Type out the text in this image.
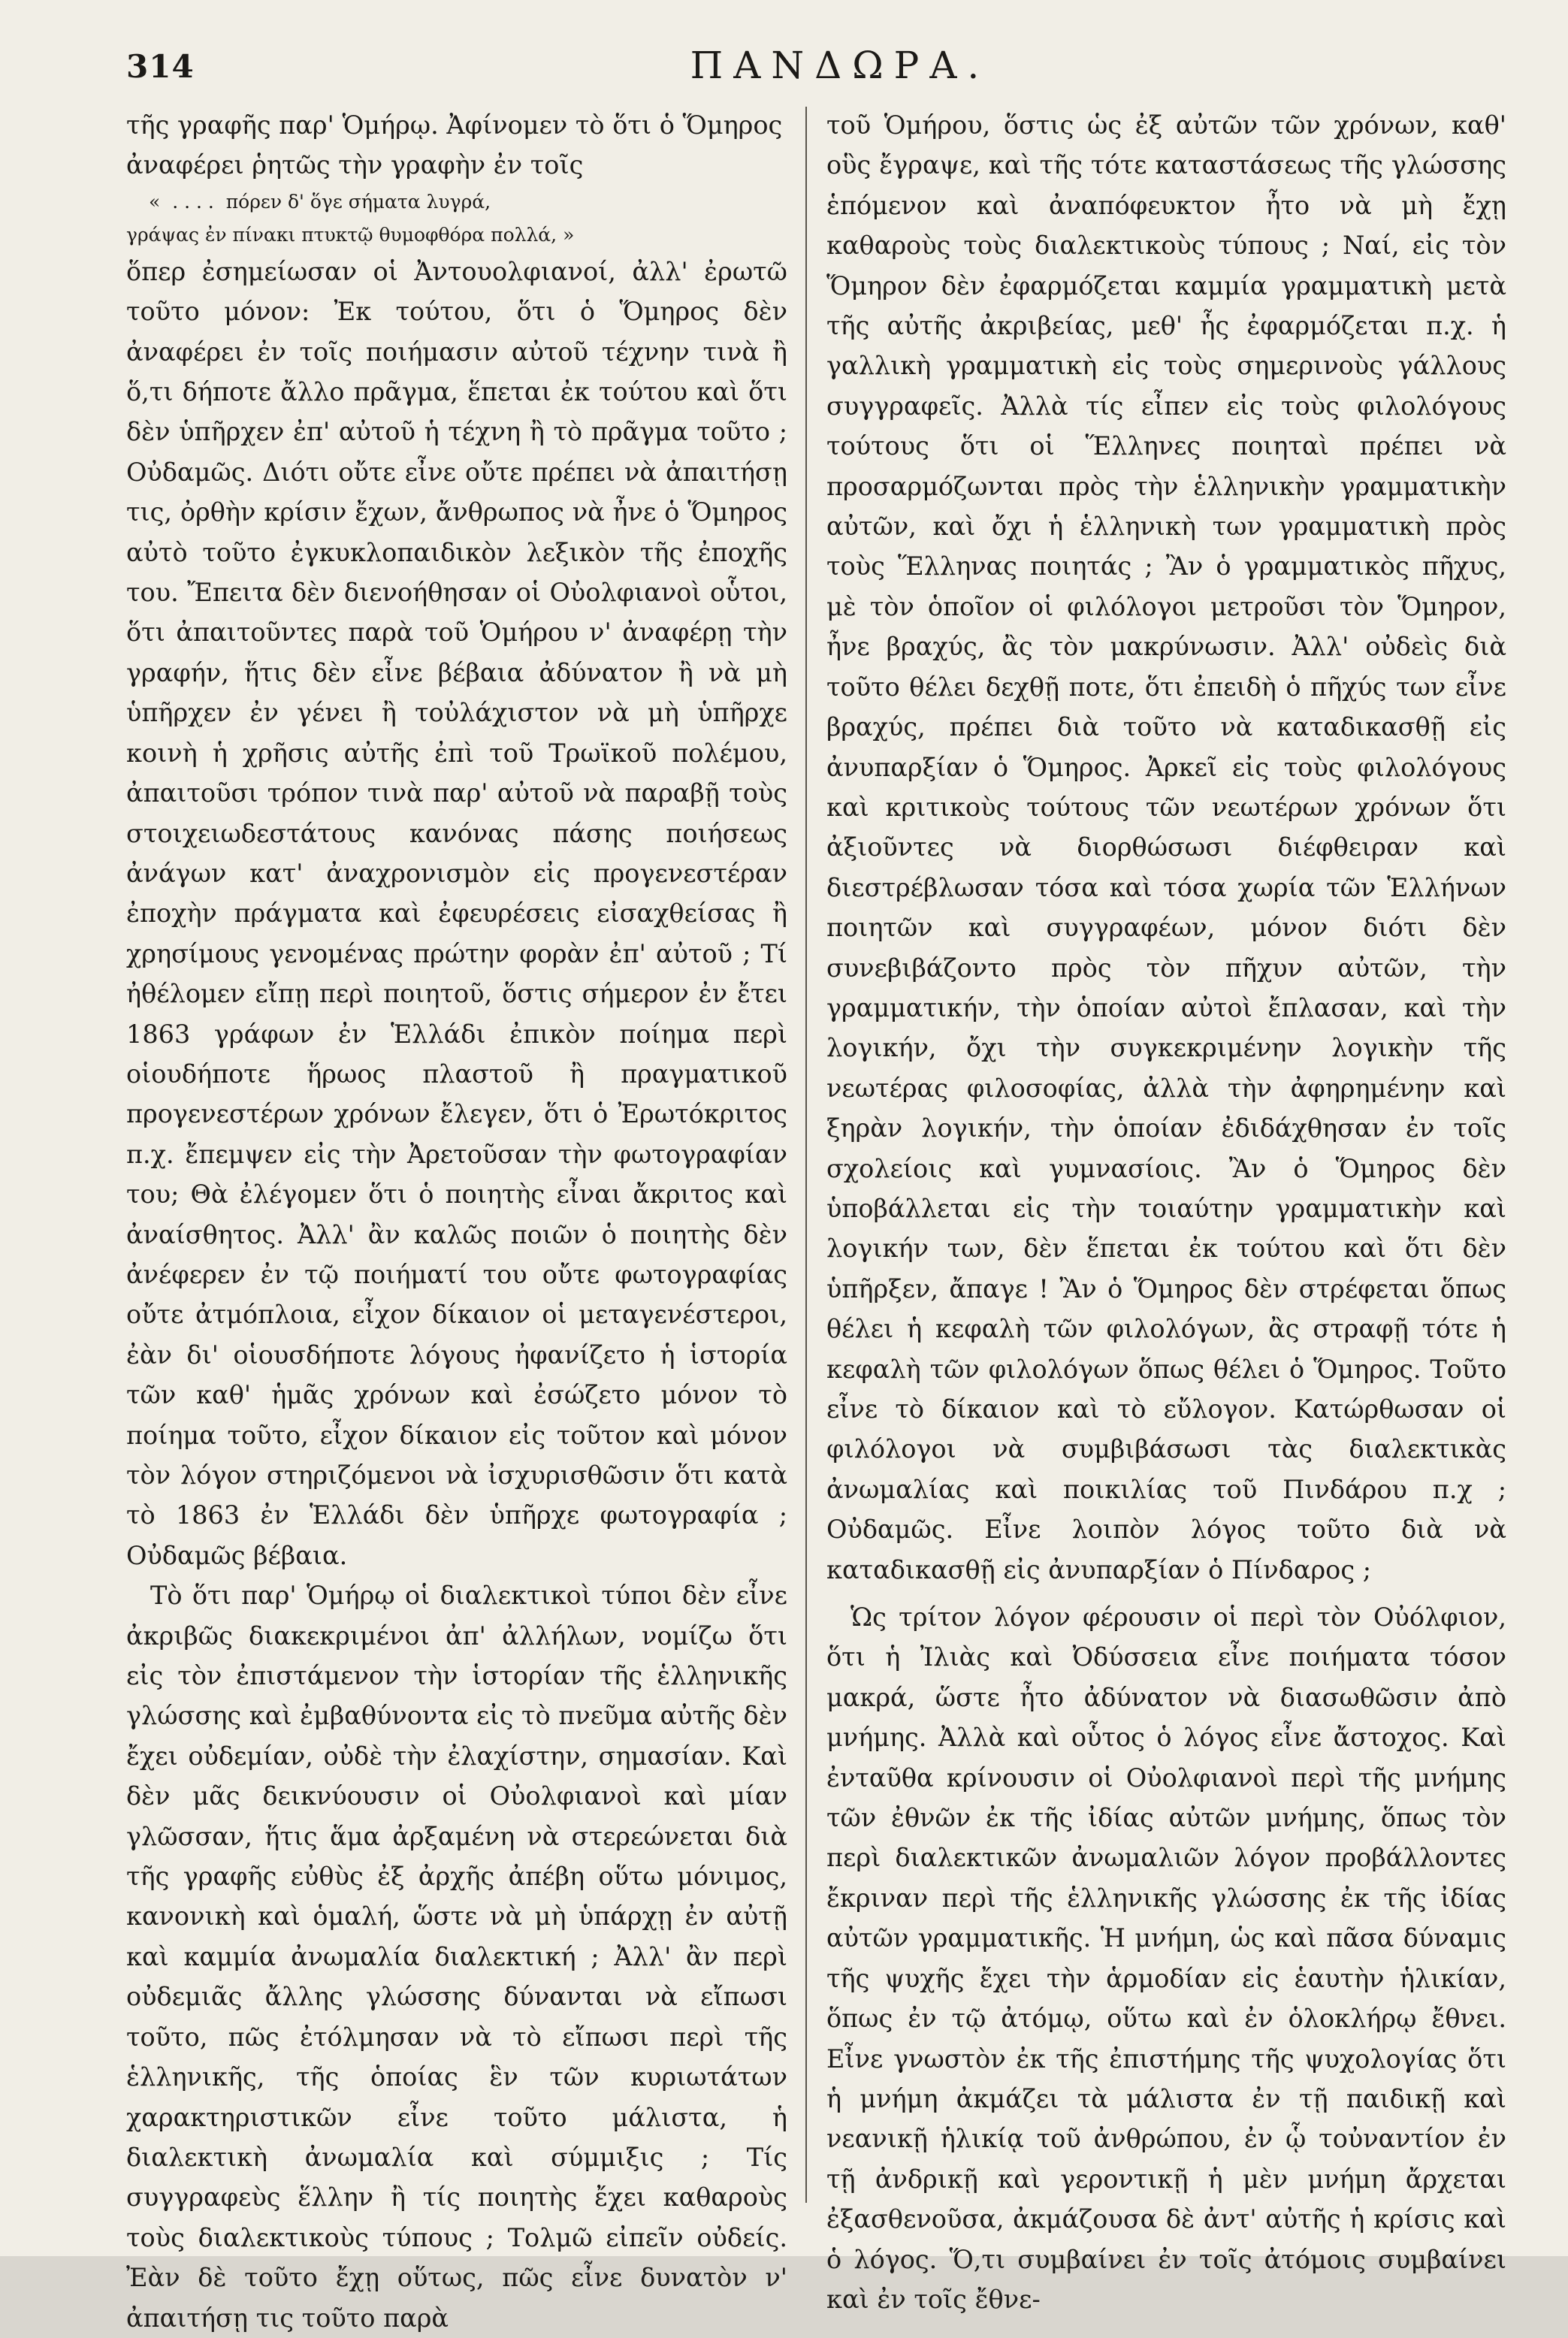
314	ΠΑΝΔΩΡΑ.

τῆς γραφῆς παρ' Ὁμήρῳ. Ἀφίνομεν τὸ ὅτι ὁ Ὅμηρος

ἀναφέρει ῥητῶς τὴν γραφὴν ἐν τοῖς

«  . . . .  πόρεν δ' ὅγε σήματα λυγρά,

γράψας ἐν πίνακι πτυκτῷ θυμοφθόρα πολλά, »

ὅπερ ἐσημείωσαν οἱ Ἀντουολφιανοί, ἀλλ' ἐρωτῶ τοῦτο μόνον: Ἐκ τούτου, ὅτι ὁ Ὅμηρος δὲν ἀναφέρει ἐν τοῖς ποιήμασιν αὐτοῦ τέχνην τινὰ ἢ ὅ,τι δήποτε ἄλλο πρᾶγμα, ἕπεται ἐκ τούτου καὶ ὅτι δὲν ὑπῆρχεν ἐπ' αὐτοῦ ἡ τέχνη ἢ τὸ πρᾶγμα τοῦτο ; Οὐδαμῶς. Διότι οὔτε εἶνε οὔτε πρέπει νὰ ἀπαιτήσῃ τις, ὀρθὴν κρίσιν ἔχων, ἄνθρωπος νὰ ἦνε ὁ Ὅμηρος αὐτὸ τοῦτο ἐγκυκλοπαιδικὸν λεξικὸν τῆς ἐποχῆς του. Ἔπειτα δὲν διενοήθησαν οἱ Οὐολφιανοὶ οὗτοι, ὅτι ἀπαιτοῦντες παρὰ τοῦ Ὁμήρου ν' ἀναφέρῃ τὴν γραφήν, ἥτις δὲν εἶνε βέβαια ἀδύνατον ἢ νὰ μὴ ὑπῆρχεν ἐν γένει ἢ τοὐλάχιστον νὰ μὴ ὑπῆρχε κοινὴ ἡ χρῆσις αὐτῆς ἐπὶ τοῦ Τρωϊκοῦ πολέμου, ἀπαιτοῦσι τρόπον τινὰ παρ' αὐτοῦ νὰ παραβῇ τοὺς στοιχειωδεστάτους κανόνας πάσης ποιήσεως ἀνάγων κατ' ἀναχρονισμὸν εἰς προγενεστέραν ἐποχὴν πράγματα καὶ ἐφευρέσεις εἰσαχθείσας ἢ χρησίμους γενομένας πρώτην φορὰν ἐπ' αὐτοῦ ; Τί ἠθέλομεν εἴπῃ περὶ ποιητοῦ, ὅστις σήμερον ἐν ἔτει 1863 γράφων ἐν Ἑλλάδι ἐπικὸν ποίημα περὶ οἱουδήποτε ἥρωος πλαστοῦ ἢ πραγματικοῦ προγενεστέρων χρόνων ἔλεγεν, ὅτι ὁ Ἐρωτόκριτος π.χ. ἔπεμψεν εἰς τὴν Ἀρετοῦσαν τὴν φωτογραφίαν του; Θὰ ἐλέγομεν ὅτι ὁ ποιητὴς εἶναι ἄκριτος καὶ ἀναίσθητος. Ἀλλ' ἂν καλῶς ποιῶν ὁ ποιητὴς δὲν ἀνέφερεν ἐν τῷ ποιήματί του οὔτε φωτογραφίας οὔτε ἀτμόπλοια, εἶχον δίκαιον οἱ μεταγενέστεροι, ἐὰν δι' οἱουσδήποτε λόγους ἠφανίζετο ἡ ἱστορία τῶν καθ' ἡμᾶς χρόνων καὶ ἐσώζετο μόνον τὸ ποίημα τοῦτο, εἶχον δίκαιον εἰς τοῦτον καὶ μόνον τὸν λόγον στηριζόμενοι νὰ ἰσχυρισθῶσιν ὅτι κατὰ τὸ 1863 ἐν Ἑλλάδι δὲν ὑπῆρχε φωτογραφία ; Οὐδαμῶς βέβαια.

Τὸ ὅτι παρ' Ὁμήρῳ οἱ διαλεκτικοὶ τύποι δὲν εἶνε ἀκριβῶς διακεκριμένοι ἀπ' ἀλλήλων, νομίζω ὅτι εἰς τὸν ἐπιστάμενον τὴν ἱστορίαν τῆς ἑλληνικῆς γλώσσης καὶ ἐμβαθύνοντα εἰς τὸ πνεῦμα αὐτῆς δὲν ἔχει οὐδεμίαν, οὐδὲ τὴν ἐλαχίστην, σημασίαν. Καὶ δὲν μᾶς δεικνύουσιν οἱ Οὐολφιανοὶ καὶ μίαν γλῶσσαν, ἥτις ἅμα ἀρξαμένη νὰ στερεώνεται διὰ τῆς γραφῆς εὐθὺς ἐξ ἀρχῆς ἀπέβη οὕτω μόνιμος, κανονικὴ καὶ ὁμαλή, ὥστε νὰ μὴ ὑπάρχῃ ἐν αὐτῇ καὶ καμμία ἀνωμαλία διαλεκτική ; Ἀλλ' ἂν περὶ οὐδεμιᾶς ἄλλης γλώσσης δύνανται νὰ εἴπωσι τοῦτο, πῶς ἐτόλμησαν νὰ τὸ εἴπωσι περὶ τῆς ἑλληνικῆς, τῆς ὁποίας ἓν τῶν κυριωτάτων χαρακτηριστικῶν εἶνε τοῦτο μάλιστα, ἡ διαλεκτικὴ ἀνωμαλία καὶ σύμμιξις ; Τίς συγγραφεὺς ἕλλην ἢ τίς ποιητὴς ἔχει καθαροὺς τοὺς διαλεκτικοὺς τύπους ; Τολμῶ εἰπεῖν οὐδείς. Ἐὰν δὲ τοῦτο ἔχῃ οὕτως, πῶς εἶνε δυνατὸν ν' ἀπαιτήσῃ τις τοῦτο παρὰ

τοῦ Ὁμήρου, ὅστις ὡς ἐξ αὐτῶν τῶν χρόνων, καθ' οὓς ἔγραψε, καὶ τῆς τότε καταστάσεως τῆς γλώσσης ἑπόμενον καὶ ἀναπόφευκτον ἦτο νὰ μὴ ἔχῃ καθαροὺς τοὺς διαλεκτικοὺς τύπους ; Ναί, εἰς τὸν Ὅμηρον δὲν ἐφαρμόζεται καμμία γραμματικὴ μετὰ τῆς αὐτῆς ἀκριβείας, μεθ' ἧς ἐφαρμόζεται π.χ. ἡ γαλλικὴ γραμματικὴ εἰς τοὺς σημερινοὺς γάλλους συγγραφεῖς. Ἀλλὰ τίς εἶπεν εἰς τοὺς φιλολόγους τούτους ὅτι οἱ Ἕλληνες ποιηταὶ πρέπει νὰ προσαρμόζωνται πρὸς τὴν ἑλληνικὴν γραμματικὴν αὐτῶν, καὶ ὄχι ἡ ἑλληνικὴ των γραμματικὴ πρὸς τοὺς Ἕλληνας ποιητάς ; Ἂν ὁ γραμματικὸς πῆχυς, μὲ τὸν ὁποῖον οἱ φιλόλογοι μετροῦσι τὸν Ὅμηρον, ἦνε βραχύς, ἂς τὸν μακρύνωσιν. Ἀλλ' οὐδεὶς διὰ τοῦτο θέλει δεχθῇ ποτε, ὅτι ἐπειδὴ ὁ πῆχύς των εἶνε βραχύς, πρέπει διὰ τοῦτο νὰ καταδικασθῇ εἰς ἀνυπαρξίαν ὁ Ὅμηρος. Ἀρκεῖ εἰς τοὺς φιλολόγους καὶ κριτικοὺς τούτους τῶν νεωτέρων χρόνων ὅτι ἀξιοῦντες νὰ διορθώσωσι διέφθειραν καὶ διεστρέβλωσαν τόσα καὶ τόσα χωρία τῶν Ἑλλήνων ποιητῶν καὶ συγγραφέων, μόνον διότι δὲν συνεβιβάζοντο πρὸς τὸν πῆχυν αὐτῶν, τὴν γραμματικήν, τὴν ὁποίαν αὐτοὶ ἔπλασαν, καὶ τὴν λογικήν, ὄχι τὴν συγκεκριμένην λογικὴν τῆς νεωτέρας φιλοσοφίας, ἀλλὰ τὴν ἀφηρημένην καὶ ξηρὰν λογικήν, τὴν ὁποίαν ἐδιδάχθησαν ἐν τοῖς σχολείοις καὶ γυμνασίοις. Ἂν ὁ Ὅμηρος δὲν ὑποβάλλεται εἰς τὴν τοιαύτην γραμματικὴν καὶ λογικήν των, δὲν ἕπεται ἐκ τούτου καὶ ὅτι δὲν ὑπῆρξεν, ἄπαγε ! Ἂν ὁ Ὅμηρος δὲν στρέφεται ὅπως θέλει ἡ κεφαλὴ τῶν φιλολόγων, ἂς στραφῇ τότε ἡ κεφαλὴ τῶν φιλολόγων ὅπως θέλει ὁ Ὅμηρος. Τοῦτο εἶνε τὸ δίκαιον καὶ τὸ εὔλογον. Κατώρθωσαν οἱ φιλόλογοι νὰ συμβιβάσωσι τὰς διαλεκτικὰς ἀνωμαλίας καὶ ποικιλίας τοῦ Πινδάρου π.χ ; Οὐδαμῶς. Εἶνε λοιπὸν λόγος τοῦτο διὰ νὰ καταδικασθῇ εἰς ἀνυπαρξίαν ὁ Πίνδαρος ;

Ὡς τρίτον λόγον φέρουσιν οἱ περὶ τὸν Οὐόλφιον, ὅτι ἡ Ἰλιὰς καὶ Ὀδύσσεια εἶνε ποιήματα τόσον μακρά, ὥστε ἦτο ἀδύνατον νὰ διασωθῶσιν ἀπὸ μνήμης. Ἀλλὰ καὶ οὗτος ὁ λόγος εἶνε ἄστοχος. Καὶ ἐνταῦθα κρίνουσιν οἱ Οὐολφιανοὶ περὶ τῆς μνήμης τῶν ἐθνῶν ἐκ τῆς ἰδίας αὐτῶν μνήμης, ὅπως τὸν περὶ διαλεκτικῶν ἀνωμαλιῶν λόγον προβάλλοντες ἔκριναν περὶ τῆς ἑλληνικῆς γλώσσης ἐκ τῆς ἰδίας αὐτῶν γραμματικῆς. Ἡ μνήμη, ὡς καὶ πᾶσα δύναμις τῆς ψυχῆς ἔχει τὴν ἁρμοδίαν εἰς ἑαυτὴν ἡλικίαν, ὅπως ἐν τῷ ἀτόμῳ, οὕτω καὶ ἐν ὁλοκλήρῳ ἔθνει. Εἶνε γνωστὸν ἐκ τῆς ἐπιστήμης τῆς ψυχολογίας ὅτι ἡ μνήμη ἀκμάζει τὰ μάλιστα ἐν τῇ παιδικῇ καὶ νεανικῇ ἡλικίᾳ τοῦ ἀνθρώπου, ἐν ᾧ τοὐναντίον ἐν τῇ ἀνδρικῇ καὶ γεροντικῇ ἡ μὲν μνήμη ἄρχεται ἐξασθενοῦσα, ἀκμάζουσα δὲ ἀντ' αὐτῆς ἡ κρίσις καὶ ὁ λόγος. Ὅ,τι συμβαίνει ἐν τοῖς ἀτόμοις συμβαίνει καὶ ἐν τοῖς ἔθνε-
